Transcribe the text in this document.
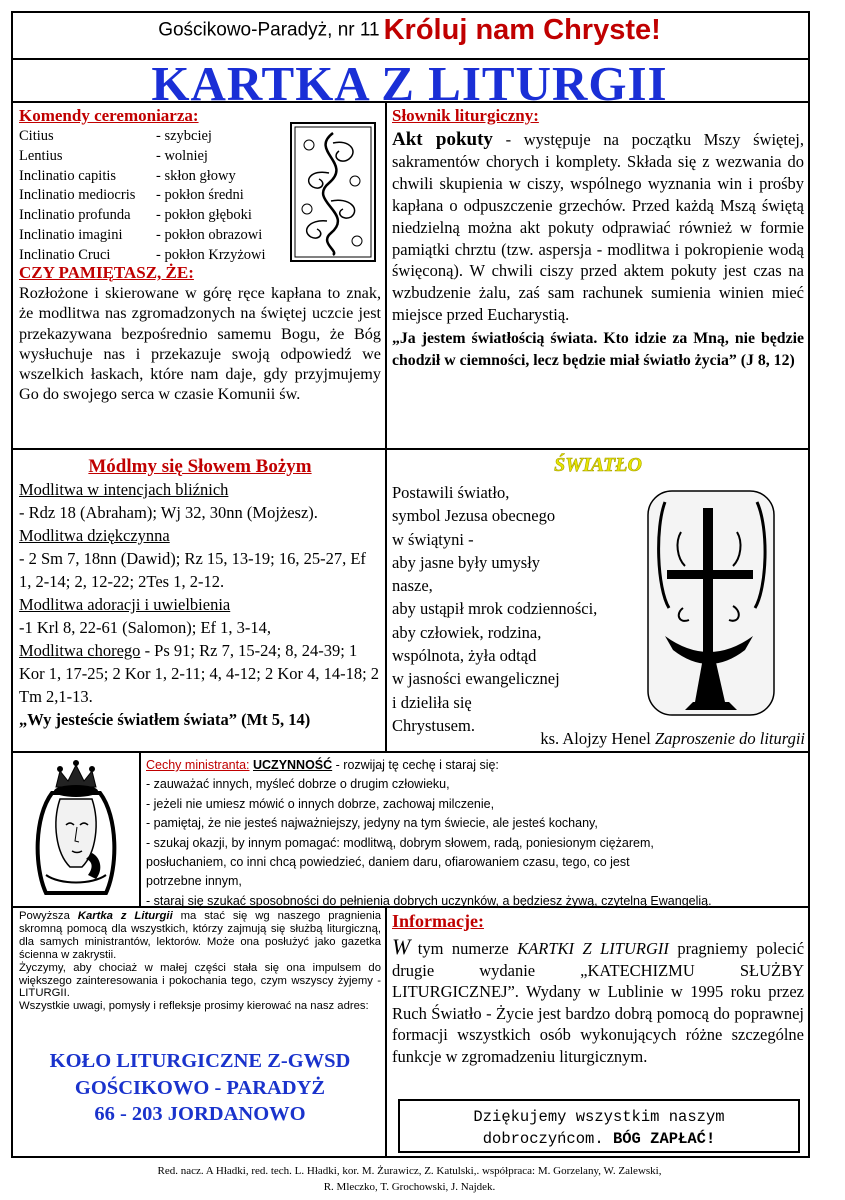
Gościkowo-Paradyż, nr 11 Króluj nam Chryste!
KARTKA Z LITURGII
Komendy ceremoniarza:
Citius	- szybciej
Lentius	- wolniej
Inclinatio capitis	- skłon głowy
Inclinatio mediocris	- pokłon średni
Inclinatio profunda	- pokłon głęboki
Inclinatio imagini	- pokłon obrazowi
Inclinatio Cruci	- pokłon Krzyżowi
CZY PAMIĘTASZ, ŻE:
Rozłożone i skierowane w górę ręce kapłana to znak, że modlitwa nas zgromadzonych na świętej uczcie jest przekazywana bezpośrednio samemu Bogu, że Bóg wysłuchuje nas i przekazuje swoją odpowiedź we wszelkich łaskach, które nam daje, gdy przyjmujemy Go do swojego serca w czasie Komunii św.
Słownik liturgiczny:
Akt pokuty - występuje na początku Mszy świętej, sakramentów chorych i komplety. Składa się z wezwania do chwili skupienia w ciszy, wspólnego wyznania win i prośby kapłana o odpuszczenie grzechów. Przed każdą Mszą świętą niedzielną można akt pokuty odprawiać również w formie pamiątki chrztu (tzw. aspersja - modlitwa i pokropienie wodą święconą). W chwili ciszy przed aktem pokuty jest czas na wzbudzenie żalu, zaś sam rachunek sumienia winien mieć miejsce przed Eucharystią.
„Ja jestem światłością świata. Kto idzie za Mną, nie będzie chodził w ciemności, lecz będzie miał światło życia” (J 8, 12)
Módlmy się Słowem Bożym
Modlitwa w intencjach bliźnich
- Rdz 18 (Abraham); Wj 32, 30nn (Mojżesz).
Modlitwa dziękczynna
- 2 Sm 7, 18nn (Dawid); Rz 15, 13-19; 16, 25-27, Ef 1, 2-14; 2, 12-22; 2Tes 1, 2-12.
Modlitwa adoracji i uwielbienia
-1 Krl 8, 22-61 (Salomon); Ef 1, 3-14,
Modlitwa chorego - Ps 91; Rz 7, 15-24; 8, 24-39; 1 Kor 1, 17-25; 2 Kor 1, 2-11; 4, 4-12; 2 Kor 4, 14-18; 2 Tm 2,1-13.
„Wy jesteście światłem świata” (Mt 5, 14)
ŚWIATŁO
Postawili światło,
symbol Jezusa obecnego
w świątyni -
aby jasne były umysły
nasze,
aby ustąpił mrok codzienności,
aby człowiek, rodzina,
wspólnota, żyła odtąd
w jasności ewangelicznej
i dzieliła się
Chrystusem.
ks. Alojzy Henel Zaproszenie do liturgii
Cechy ministranta: UCZYNNOŚĆ - rozwijaj tę cechę i staraj się:
- zauważać innych, myśleć dobrze o drugim człowieku,
- jeżeli nie umiesz mówić o innych dobrze, zachowaj milczenie,
- pamiętaj, że nie jesteś najważniejszy, jedyny na tym świecie, ale jesteś kochany,
- szukaj okazji, by innym pomagać: modlitwą, dobrym słowem, radą, poniesionym ciężarem, posłuchaniem, co inni chcą powiedzieć, daniem daru, ofiarowaniem czasu, tego, co jest potrzebne innym,
- staraj się szukać sposobności do pełnienia dobrych uczynków, a będziesz żywą, czytelną Ewangelią.
Powyższa Kartka z Liturgii ma stać się wg naszego pragnienia skromną pomocą dla wszystkich, którzy zajmują się służbą liturgiczną, dla samych ministrantów, lektorów. Może ona posłużyć jako gazetka ścienna w zakrystii.
Życzymy, aby chociaż w małej części stała się ona impulsem do większego zainteresowania i pokochania tego, czym wszyscy żyjemy - LITURGII.
Wszystkie uwagi, pomysły i refleksje prosimy kierować na nasz adres:
KOŁO LITURGICZNE Z-GWSD
GOŚCIKOWO - PARADYŻ
66 - 203 JORDANOWO
Informacje:
W tym numerze KARTKI Z LITURGII pragniemy polecić drugie wydanie „KATECHIZMU SŁUŻBY LITURGICZNEJ”. Wydany w Lublinie w 1995 roku przez Ruch Światło - Życie jest bardzo dobrą pomocą do poprawnej formacji wszystkich osób wykonujących różne szczególne funkcje w zgromadzeniu liturgicznym.
Dziękujemy wszystkim naszym
dobroczyńcom. BÓG ZAPŁAĆ!
Red. nacz. A Hładki, red. tech. L. Hładki, kor. M. Żurawicz, Z. Katulski,. współpraca: M. Gorzelany, W. Zalewski,
R. Mleczko, T. Grochowski, J. Najdek.
